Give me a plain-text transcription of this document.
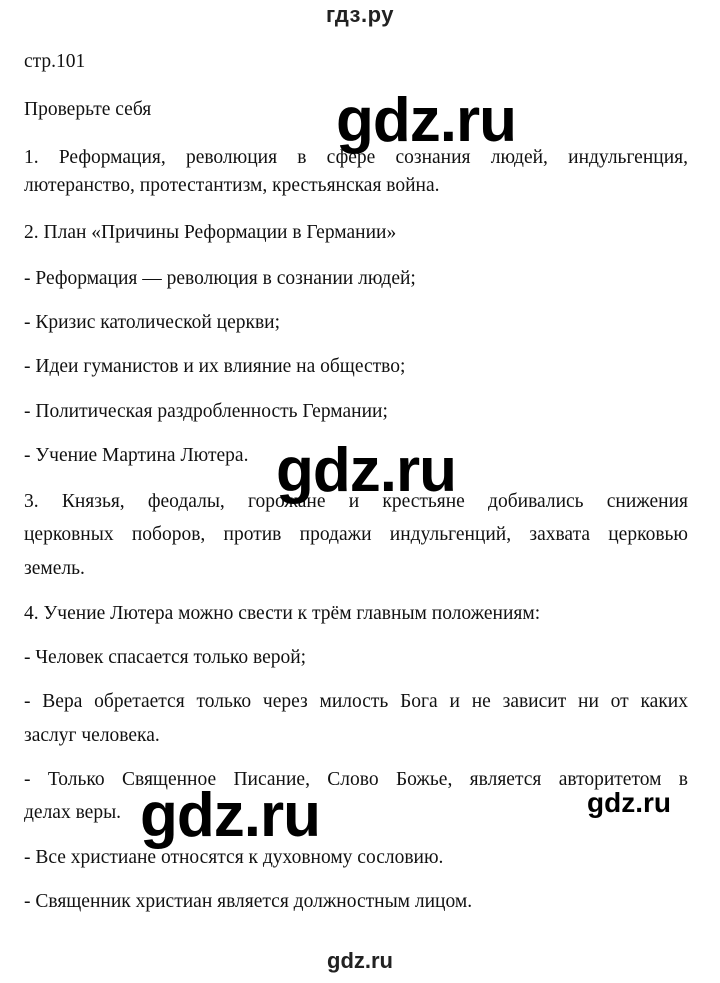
гдз.ру
стр.101
Проверьте себя
1. Реформация, революция в сфере сознания людей, индульгенция,
лютеранство, протестантизм, крестьянская война.
2. План «Причины Реформации в Германии»
- Реформация — революция в сознании людей;
- Кризис католической церкви;
- Идеи гуманистов и их влияние на общество;
- Политическая раздробленность Германии;
- Учение Мартина Лютера.
3. Князья, феодалы, горожане и крестьяне добивались снижения
церковных поборов, против продажи индульгенций, захвата церковью
земель.
4. Учение Лютера можно свести к трём главным положениям:
- Человек спасается только верой;
- Вера обретается только через милость Бога и не зависит ни от каких
заслуг человека.
- Только Священное Писание, Слово Божье, является авторитетом в
делах веры.
- Все христиане относятся к духовному сословию.
- Священник христиан является должностным лицом.
gdz.ru
gdz.ru
gdz.ru	gdz.ru
gdz.ru
